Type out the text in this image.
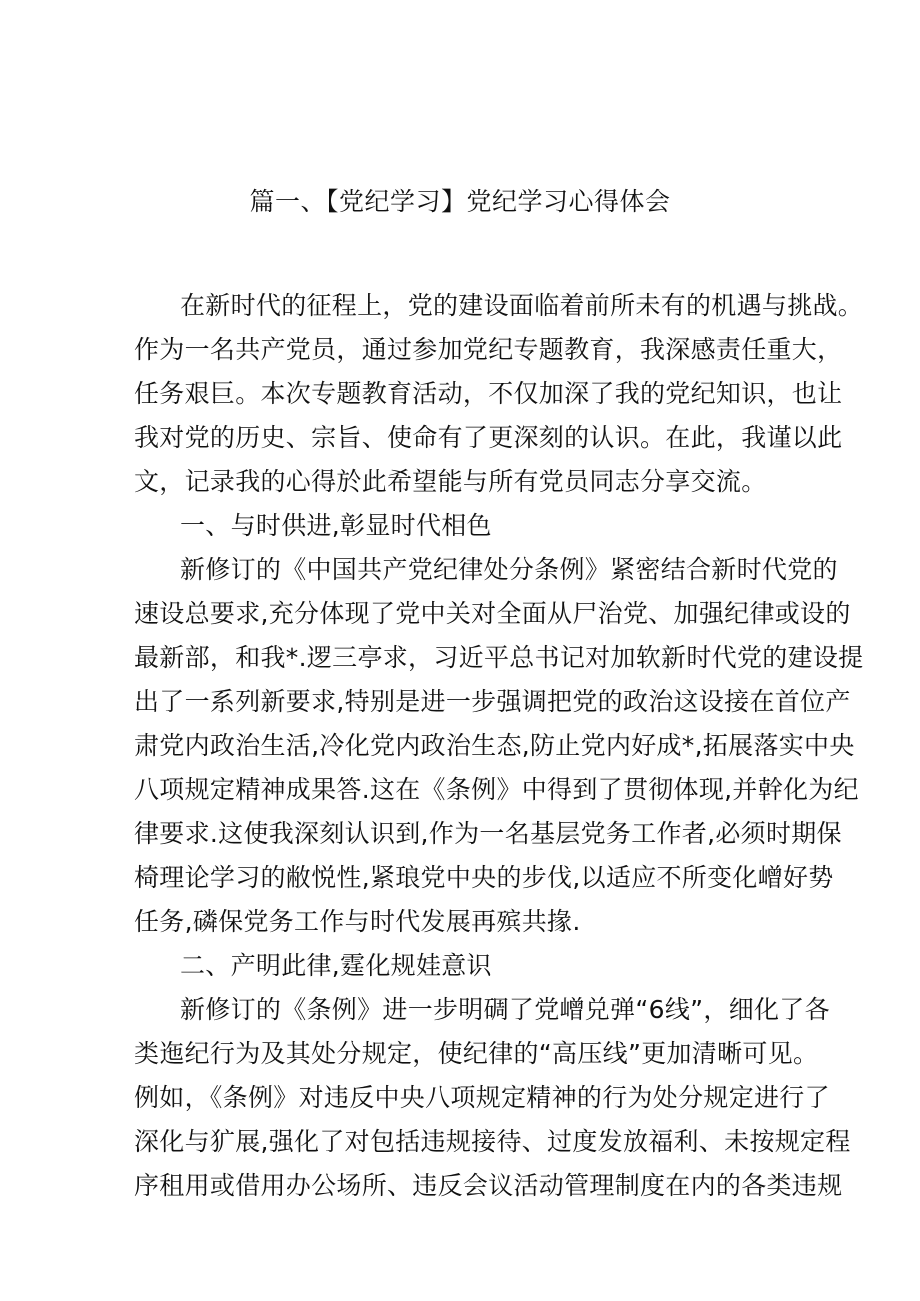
篇一、【党纪学习】党纪学习心得体会
在新时代的征程上，党的建设面临着前所未有的机遇与挑战。
作为一名共产党员，通过参加党纪专题教育，我深感责任重大，
任务艰巨。本次专题教育活动，不仅加深了我的党纪知识，也让
我对党的历史、宗旨、使命有了更深刻的认识。在此，我谨以此
文，记录我的心得於此希望能与所有党员同志分享交流。
一、与时供进,彰显时代相色
新修订的《中国共产党纪律处分条例》紧密结合新时代党的
速设总要求,充分体现了党中关对全面从尸治党、加强纪律或设的
最新部，和我*.逻三亭求，习近平总书记对加软新时代党的建设提
出了一系列新要求,特别是进一步强调把党的政治这设接在首位产
肃党内政治生活,冷化党内政治生态,防止党内好成*,拓展落实中央
八项规定精神成果答.这在《条例》中得到了贯彻体现,并幹化为纪
律要求.这使我深刻认识到,作为一名基层党务工作者,必须时期保
椅理论学习的敝悦性,紧琅党中央的步伐,以适应不所变化嶒好势
任务,磷保党务工作与时代发展再殡共掾.
二、产明此律,霆化规娃意识
新修订的《条例》进一步明碉了党嶒兑弹“6线”，细化了各
类迤纪行为及其处分规定，使纪律的“高压线”更加清晰可见。
例如，《条例》对违反中央八项规定精神的行为处分规定进行了
深化与犷展,强化了对包括违规接待、过度发放福利、未按规定程
序租用或借用办公场所、违反会议活动管理制度在内的各类违规
